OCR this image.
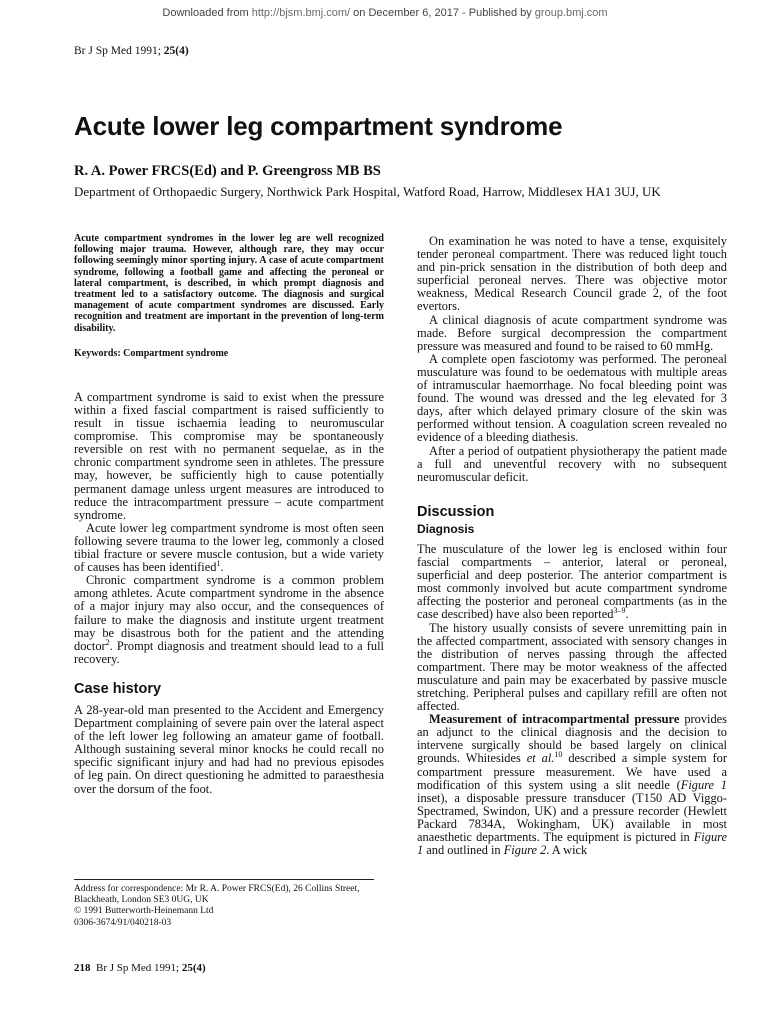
Downloaded from http://bjsm.bmj.com/ on December 6, 2017 - Published by group.bmj.com
Br J Sp Med 1991; 25(4)
Acute lower leg compartment syndrome
R. A. Power FRCS(Ed) and P. Greengross MB BS
Department of Orthopaedic Surgery, Northwick Park Hospital, Watford Road, Harrow, Middlesex HA1 3UJ, UK

Acute compartment syndromes in the lower leg are well recognized following major trauma. However, although rare, they may occur following seemingly minor sporting injury. A case of acute compartment syndrome, following a football game and affecting the peroneal or lateral compartment, is described, in which prompt diagnosis and treatment led to a satisfactory outcome. The diagnosis and surgical management of acute compartment syndromes are discussed. Early recognition and treatment are important in the prevention of long-term disability.

Keywords: Compartment syndrome

A compartment syndrome is said to exist when the pressure within a fixed fascial compartment is raised sufficiently to result in tissue ischaemia leading to neuromuscular compromise. This compromise may be spontaneously reversible on rest with no permanent sequelae, as in the chronic compartment syndrome seen in athletes. The pressure may, however, be sufficiently high to cause potentially permanent damage unless urgent measures are introduced to reduce the intracompartment pressure – acute compartment syndrome.

Acute lower leg compartment syndrome is most often seen following severe trauma to the lower leg, commonly a closed tibial fracture or severe muscle contusion, but a wide variety of causes has been identified$^1$.

Chronic compartment syndrome is a common problem among athletes. Acute compartment syndrome in the absence of a major injury may also occur, and the consequences of failure to make the diagnosis and institute urgent treatment may be disastrous both for the patient and the attending doctor$^2$. Prompt diagnosis and treatment should lead to a full recovery.

Case history

A 28-year-old man presented to the Accident and Emergency Department complaining of severe pain over the lateral aspect of the left lower leg following an amateur game of football. Although sustaining several minor knocks he could recall no specific significant injury and had had no previous episodes of leg pain. On direct questioning he admitted to paraesthesia over the dorsum of the foot.

Address for correspondence: Mr R. A. Power FRCS(Ed), 26 Collins Street, Blackheath, London SE3 0UG, UK
© 1991 Butterworth-Heinemann Ltd
0306-3674/91/040218-03

On examination he was noted to have a tense, exquisitely tender peroneal compartment. There was reduced light touch and pin-prick sensation in the distribution of both deep and superficial peroneal nerves. There was objective motor weakness, Medical Research Council grade 2, of the foot evertors.

A clinical diagnosis of acute compartment syndrome was made. Before surgical decompression the compartment pressure was measured and found to be raised to 60 mmHg.

A complete open fasciotomy was performed. The peroneal musculature was found to be oedematous with multiple areas of intramuscular haemorrhage. No focal bleeding point was found. The wound was dressed and the leg elevated for 3 days, after which delayed primary closure of the skin was performed without tension. A coagulation screen revealed no evidence of a bleeding diathesis.

After a period of outpatient physiotherapy the patient made a full and uneventful recovery with no subsequent neuromuscular deficit.

Discussion
Diagnosis

The musculature of the lower leg is enclosed within four fascial compartments – anterior, lateral or peroneal, superficial and deep posterior. The anterior compartment is most commonly involved but acute compartment syndrome affecting the posterior and peroneal compartments (as in the case described) have also been reported$^{3-9}$.

The history usually consists of severe unremitting pain in the affected compartment, associated with sensory changes in the distribution of nerves passing through the affected compartment. There may be motor weakness of the affected musculature and pain may be exacerbated by passive muscle stretching. Peripheral pulses and capillary refill are often not affected.

Measurement of intracompartmental pressure provides an adjunct to the clinical diagnosis and the decision to intervene surgically should be based largely on clinical grounds. Whitesides et al.$^{10}$ described a simple system for compartment pressure measurement. We have used a modification of this system using a slit needle (Figure 1 inset), a disposable pressure transducer (T150 AD Viggo-Spectramed, Swindon, UK) and a pressure recorder (Hewlett Packard 7834A, Wokingham, UK) available in most anaesthetic departments. The equipment is pictured in Figure 1 and outlined in Figure 2. A wick

218 Br J Sp Med 1991; 25(4)
